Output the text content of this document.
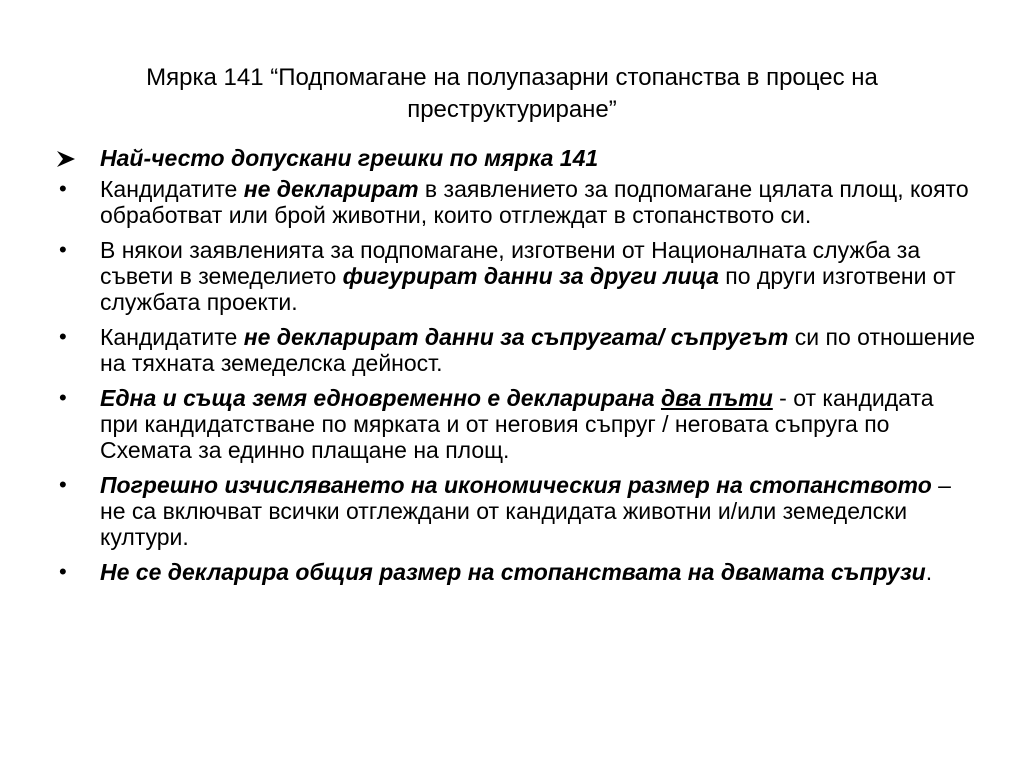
Мярка 141 “Подпомагане на полупазарни стопанства в процес на преструктуриране”
Най-често допускани грешки по мярка 141
•	Кандидатите не декларират в заявлението за подпомагане цялата площ, която обработват или брой животни, които отглеждат в стопанството си.
•	В някои заявленията за подпомагане, изготвени от Националната служба за съвети в земеделието фигурират данни за други лица по други изготвени от службата проекти.
•	Кандидатите не декларират данни за съпругата/ съпругът си по отношение на тяхната земеделска дейност.
•	Една и съща земя едновременно е декларирана два пъти - от кандидата при кандидатстване по мярката и от неговия съпруг / неговата съпруга по Схемата за единно плащане на площ.
•	Погрешно изчисляването на икономическия размер на стопанството – не са включват всички отглеждани от кандидата животни и/или земеделски култури.
•	Не се декларира общия размер на стопанствата на двамата съпрузи.
